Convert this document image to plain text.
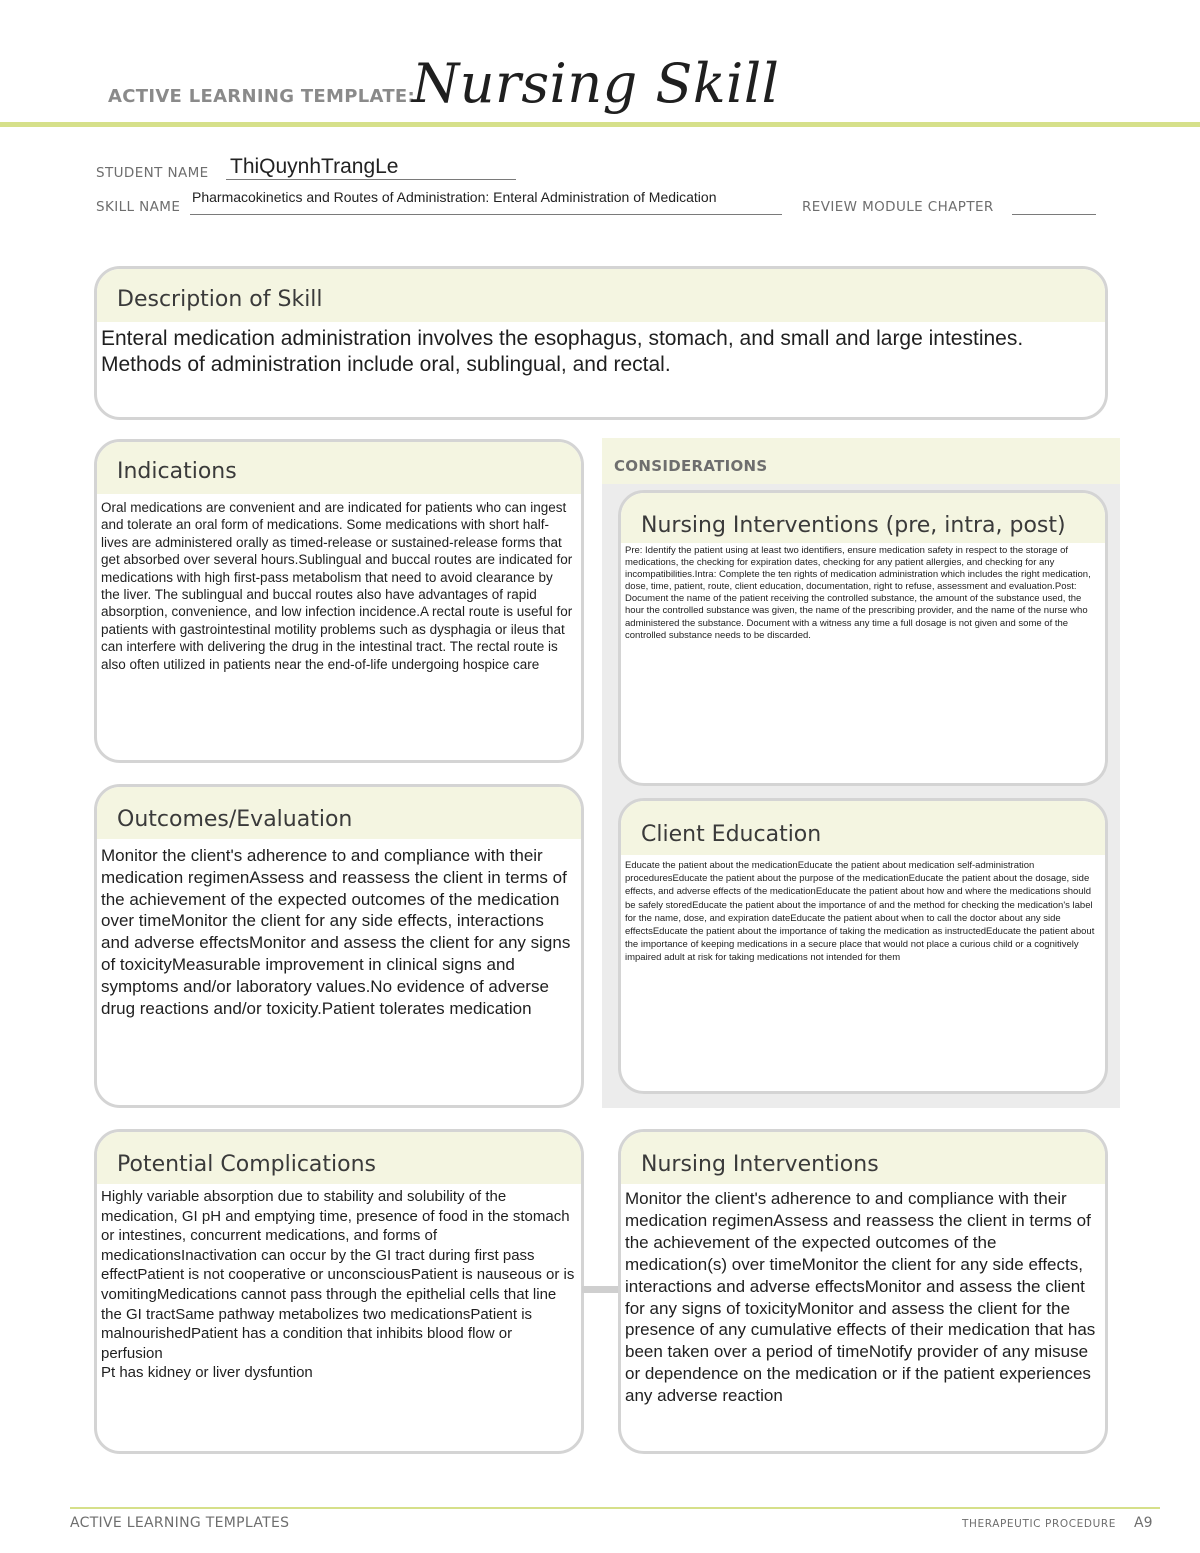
ACTIVE LEARNING TEMPLATE:
Nursing Skill
STUDENT NAME ThiQuynhTrangLe
SKILL NAME
Pharmacokinetics and Routes of Administration: Enteral Administration of Medication
REVIEW MODULE CHAPTER
Description of Skill
Enteral medication administration involves the esophagus, stomach, and small and large intestines. Methods of administration include oral, sublingual, and rectal.
Indications
Oral medications are convenient and are indicated for patients who can ingest and tolerate an oral form of medications. Some medications with short half-lives are administered orally as timed-release or sustained-release forms that get absorbed over several hours.Sublingual and buccal routes are indicated for medications with high first-pass metabolism that need to avoid clearance by the liver. The sublingual and buccal routes also have advantages of rapid absorption, convenience, and low infection incidence.A rectal route is useful for patients with gastrointestinal motility problems such as dysphagia or ileus that can interfere with delivering the drug in the intestinal tract. The rectal route is also often utilized in patients near the end-of-life undergoing hospice care
CONSIDERATIONS
Nursing Interventions (pre, intra, post)
Pre: Identify the patient using at least two identifiers, ensure medication safety in respect to the storage of medications, the checking for expiration dates, checking for any patient allergies, and checking for any incompatibilities.Intra: Complete the ten rights of medication administration which includes the right medication, dose, time, patient, route, client education, documentation, right to refuse, assessment and evaluation.Post: Document the name of the patient receiving the controlled substance, the amount of the substance used, the hour the controlled substance was given, the name of the prescribing provider, and the name of the nurse who administered the substance. Document with a witness any time a full dosage is not given and some of the controlled substance needs to be discarded.
Outcomes/Evaluation
Monitor the client's adherence to and compliance with their medication regimenAssess and reassess the client in terms of the achievement of the expected outcomes of the medication over timeMonitor the client for any side effects, interactions and adverse effectsMonitor and assess the client for any signs of toxicityMeasurable improvement in clinical signs and symptoms and/or laboratory values.No evidence of adverse drug reactions and/or toxicity.Patient tolerates medication
Client Education
Educate the patient about the medicationEducate the patient about medication self-administration proceduresEducate the patient about the purpose of the medicationEducate the patient about the dosage, side effects, and adverse effects of the medicationEducate the patient about how and where the medications should be safely storedEducate the patient about the importance of and the method for checking the medication's label for the name, dose, and expiration dateEducate the patient about when to call the doctor about any side effectsEducate the patient about the importance of taking the medication as instructedEducate the patient about the importance of keeping medications in a secure place that would not place a curious child or a cognitively impaired adult at risk for taking medications not intended for them
Potential Complications
Highly variable absorption due to stability and solubility of the medication, GI pH and emptying time, presence of food in the stomach or intestines, concurrent medications, and forms of medicationsInactivation can occur by the GI tract during first pass effectPatient is not cooperative or unconsciousPatient is nauseous or is vomitingMedications cannot pass through the epithelial cells that line the GI tractSame pathway metabolizes two medicationsPatient is malnourishedPatient has a condition that inhibits blood flow or perfusion
Pt has kidney or liver dysfuntion
Nursing Interventions
Monitor the client's adherence to and compliance with their medication regimenAssess and reassess the client in terms of the achievement of the expected outcomes of the medication(s) over timeMonitor the client for any side effects, interactions and adverse effectsMonitor and assess the client for any signs of toxicityMonitor and assess the client for the presence of any cumulative effects of their medication that has been taken over a period of timeNotify provider of any misuse or dependence on the medication or if the patient experiences any adverse reaction
ACTIVE LEARNING TEMPLATES	THERAPEUTIC PROCEDURE A9
